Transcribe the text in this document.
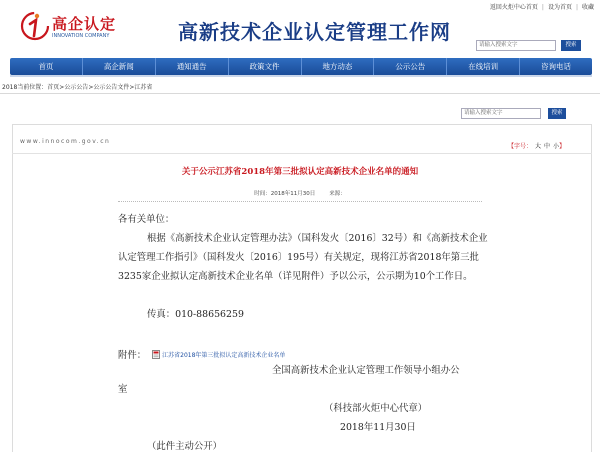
高企认定
INNOVATION COMPANY	高新技术企业认定管理工作网
请输入搜索文字	搜索
返回火炬中心首页 | 设为首页 | 收藏
首页	高企新闻	通知通告	政策文件	地方动态	公示公告	在线培训	咨询电话
2018当前位置：首页>公示公告>公示公告文件>江苏省
请输入搜索文字	搜索
www.innocom.gov.cn
【字号： 大 中 小】
关于公示江苏省2018年第三批拟认定高新技术企业名单的通知
时间：2018年11月30日	来源：
各有关单位：
根据《高新技术企业认定管理办法》（国科发火〔2016〕32号）和《高新技术企业认定管理工作指引》（国科发火〔2016〕195号）有关规定，现将江苏省2018年第三批3235家企业拟认定高新技术企业名单（详见附件）予以公示，公示期为10个工作日。
传真：010-88656259
附件：	江苏省2018年第三批拟认定高新技术企业名单
全国高新技术企业认定管理工作领导小组办公
室
（科技部火炬中心代章）
2018年11月30日
（此件主动公开）
